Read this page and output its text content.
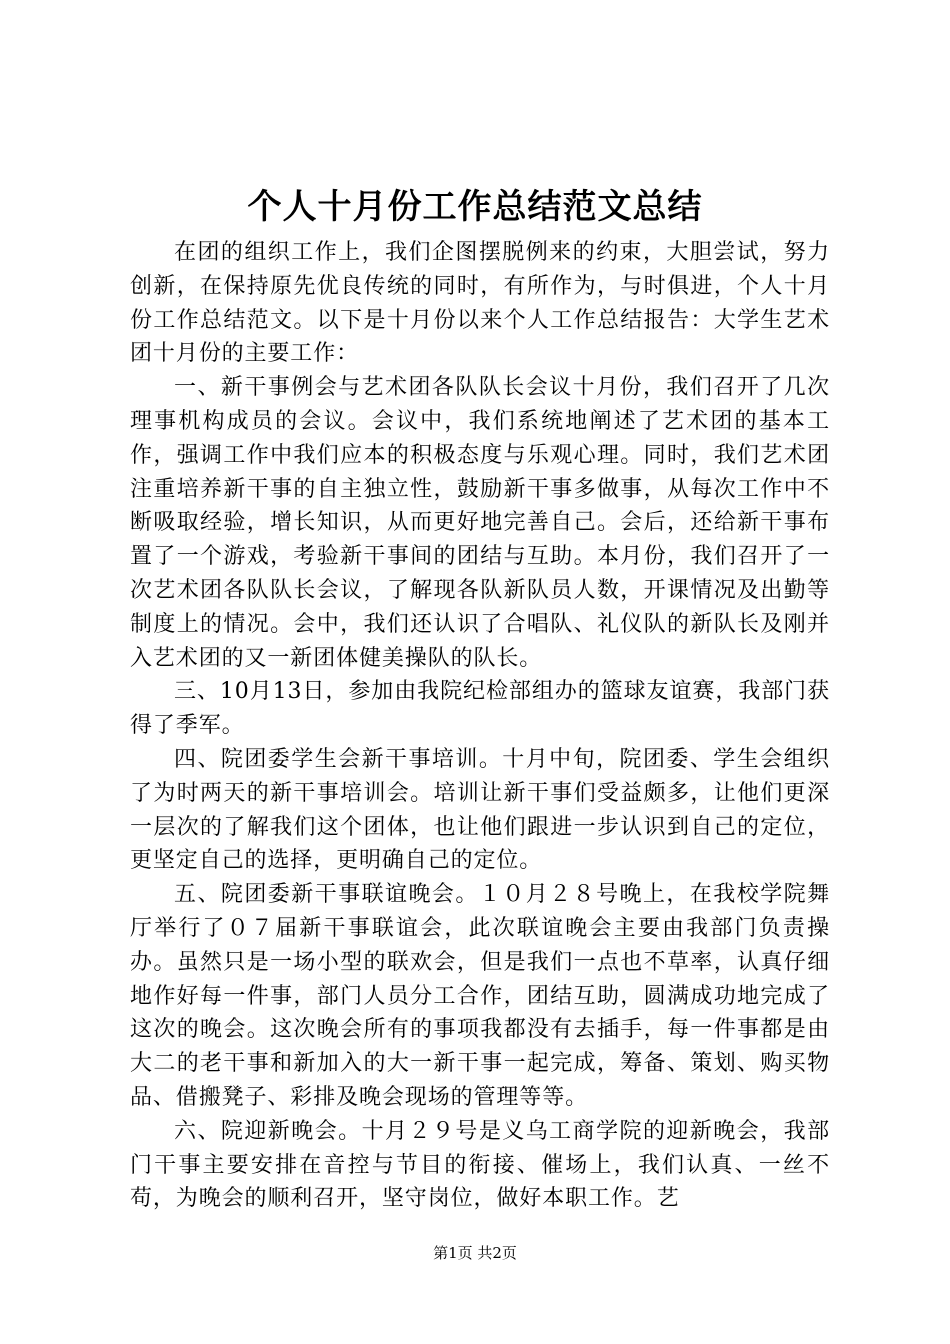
个人十月份工作总结范文总结

在团的组织工作上，我们企图摆脱例来的约束，大胆尝试，努力创新，在保持原先优良传统的同时，有所作为，与时俱进，个人十月份工作总结范文。以下是十月份以来个人工作总结报告：大学生艺术团十月份的主要工作：

一、新干事例会与艺术团各队队长会议十月份，我们召开了几次理事机构成员的会议。会议中，我们系统地阐述了艺术团的基本工作，强调工作中我们应本的积极态度与乐观心理。同时，我们艺术团注重培养新干事的自主独立性，鼓励新干事多做事，从每次工作中不断吸取经验，增长知识，从而更好地完善自己。会后，还给新干事布置了一个游戏，考验新干事间的团结与互助。本月份，我们召开了一次艺术团各队队长会议，了解现各队新队员人数，开课情况及出勤等制度上的情况。会中，我们还认识了合唱队、礼仪队的新队长及刚并入艺术团的又一新团体健美操队的队长。

三、10月13日，参加由我院纪检部组办的篮球友谊赛，我部门获得了季军。

四、院团委学生会新干事培训。十月中旬，院团委、学生会组织了为时两天的新干事培训会。培训让新干事们受益颇多，让他们更深一层次的了解我们这个团体，也让他们跟进一步认识到自己的定位，更坚定自己的选择，更明确自己的定位。

五、院团委新干事联谊晚会。１０月２８号晚上，在我校学院舞厅举行了０７届新干事联谊会，此次联谊晚会主要由我部门负责操办。虽然只是一场小型的联欢会，但是我们一点也不草率，认真仔细地作好每一件事，部门人员分工合作，团结互助，圆满成功地完成了这次的晚会。这次晚会所有的事项我都没有去插手，每一件事都是由大二的老干事和新加入的大一新干事一起完成，筹备、策划、购买物品、借搬凳子、彩排及晚会现场的管理等等。

六、院迎新晚会。十月２９号是义乌工商学院的迎新晚会，我部门干事主要安排在音控与节目的衔接、催场上，我们认真、一丝不苟，为晚会的顺利召开，坚守岗位，做好本职工作。艺

第1页 共2页
